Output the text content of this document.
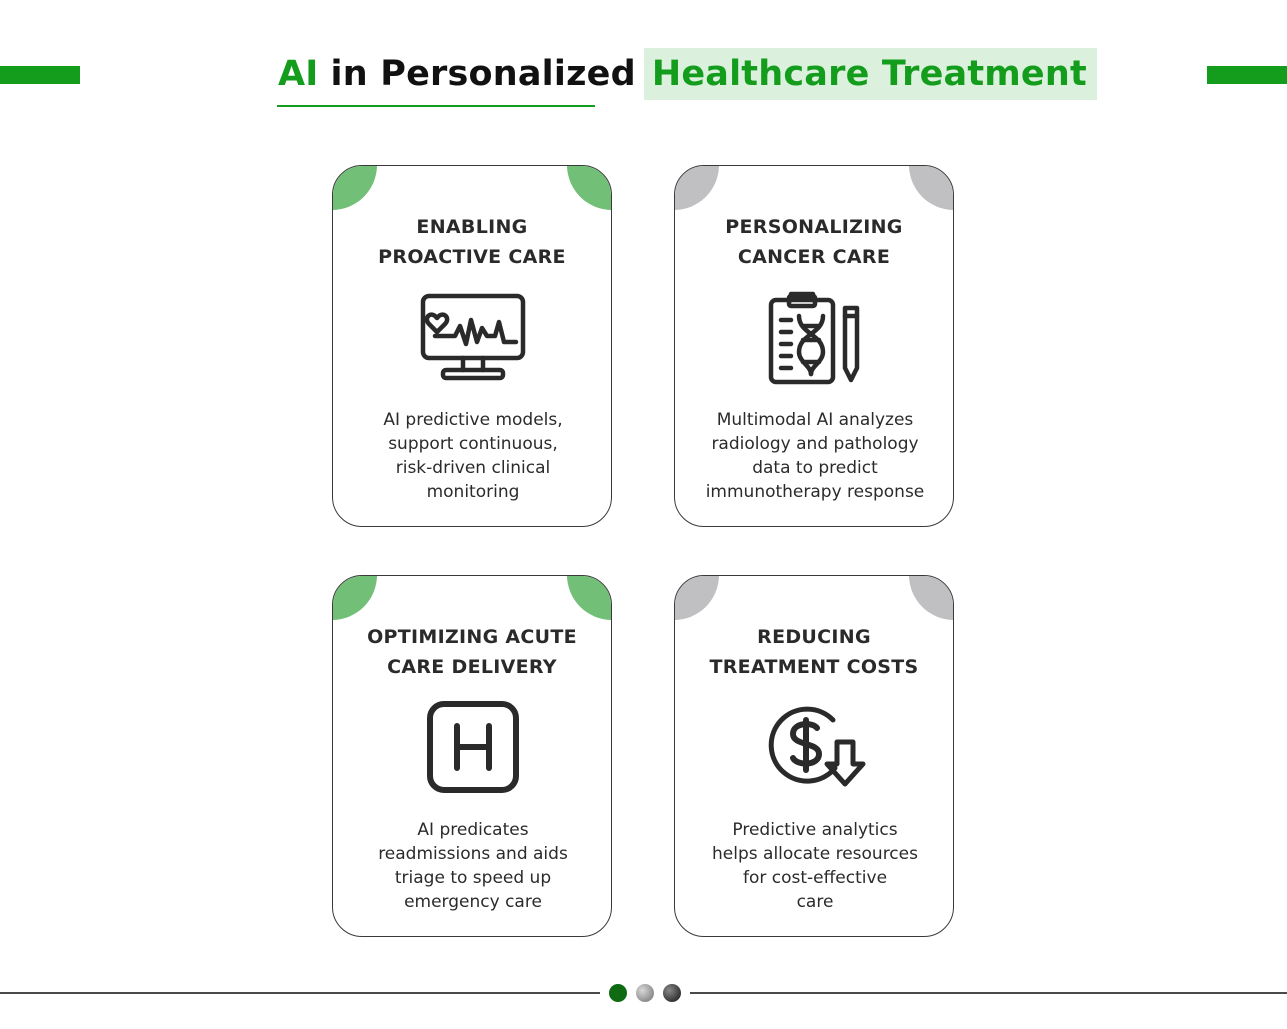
AI in Personalized Healthcare Treatment
ENABLING
PROACTIVE CARE
AI predictive models,
support continuous,
risk-driven clinical
monitoring
PERSONALIZING
CANCER CARE
Multimodal AI analyzes
radiology and pathology
data to predict
immunotherapy response
OPTIMIZING ACUTE
CARE DELIVERY
AI predicates
readmissions and aids
triage to speed up
emergency care
REDUCING
TREATMENT COSTS
Predictive analytics
helps allocate resources
for cost-effective
care
